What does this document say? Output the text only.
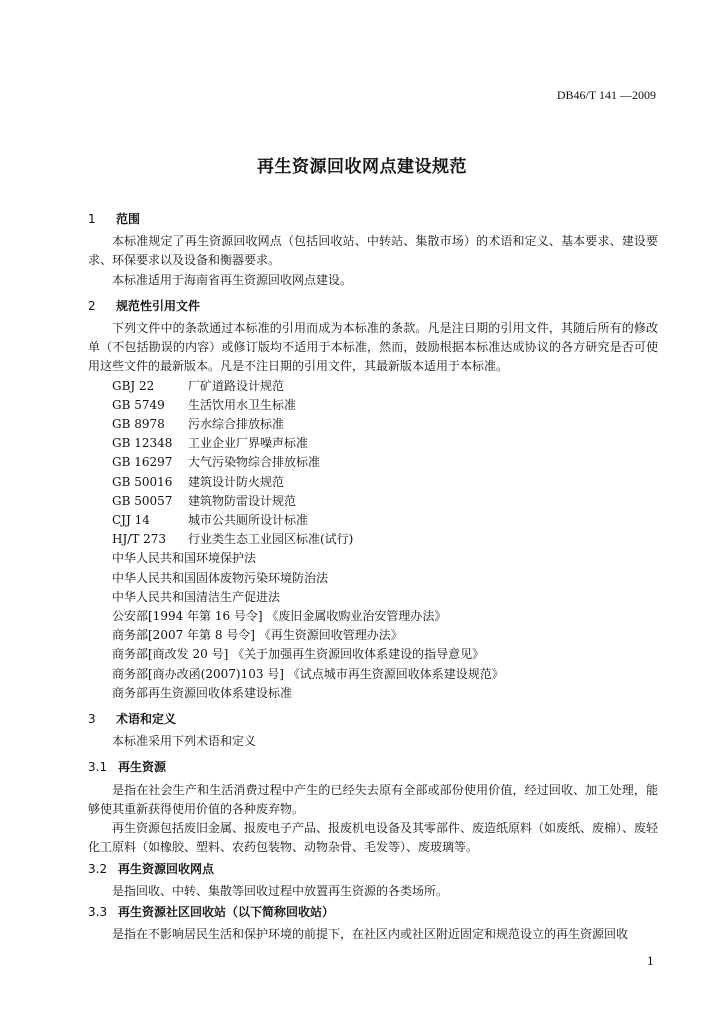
DB46/T 141 —2009
再生资源回收网点建设规范
1 范围

本标准规定了再生资源回收网点（包括回收站、中转站、集散市场）的术语和定义、基本要求、建设要求、环保要求以及设备和衡器要求。

本标准适用于海南省再生资源回收网点建设。

2 规范性引用文件

下列文件中的条款通过本标准的引用而成为本标准的条款。凡是注日期的引用文件，其随后所有的修改单（不包括勘误的内容）或修订版均不适用于本标准，然而，鼓励根据本标准达成协议的各方研究是否可使用这些文件的最新版本。凡是不注日期的引用文件，其最新版本适用于本标准。

GBJ 22	厂矿道路设计规范

GB 5749 生活饮用水卫生标准

GB 8978 污水综合排放标准

GB 12348 工业企业厂界噪声标准

GB 16297 大气污染物综合排放标准

GB 50016 建筑设计防火规范

GB 50057 建筑物防雷设计规范

CJJ 14	城市公共厕所设计标准

HJ/T 273 行业类生态工业园区标准(试行)

中华人民共和国环境保护法

中华人民共和国固体废物污染环境防治法

中华人民共和国清洁生产促进法

公安部[1994 年第 16 号令] 《废旧金属收购业治安管理办法》

商务部[2007 年第 8 号令] 《再生资源回收管理办法》

商务部[商改发 20 号] 《关于加强再生资源回收体系建设的指导意见》

商务部[商办改函(2007)103 号] 《试点城市再生资源回收体系建设规范》

商务部再生资源回收体系建设标准

3 术语和定义

本标准采用下列术语和定义

3.1 再生资源

是指在社会生产和生活消费过程中产生的已经失去原有全部或部份使用价值，经过回收、加工处理，能够使其重新获得使用价值的各种废弃物。

再生资源包括废旧金属、报废电子产品、报废机电设备及其零部件、废造纸原料（如废纸、废棉）、废轻化工原料（如橡胶、塑料、农药包装物、动物杂骨、毛发等）、废玻璃等。

3.2 再生资源回收网点

是指回收、中转、集散等回收过程中放置再生资源的各类场所。

3.3 再生资源社区回收站（以下简称回收站）

是指在不影响居民生活和保护环境的前提下，在社区内或社区附近固定和规范设立的再生资源回收

1
